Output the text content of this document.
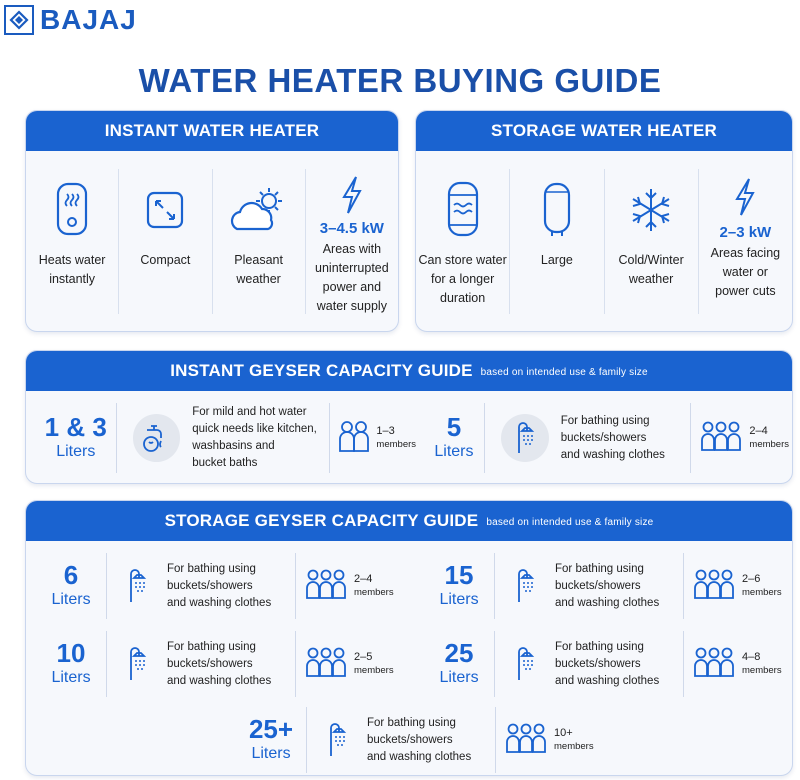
BAJAJ
WATER HEATER BUYING GUIDE
INSTANT WATER HEATER
Heats water
instantly
Compact	Pleasant
weather
3–4.5 kW
Areas with
uninterrupted
power and
water supply
STORAGE WATER HEATER
Can store water
for a longer
duration
Large	Cold/Winter
weather
2–3 kW
Areas facing
water or
power cuts
INSTANT GEYSER CAPACITY GUIDE based on intended use & family size
1 & 3
Liters
For mild and hot water
quick needs like kitchen,
washbasins and
bucket baths
1–3
members
5
Liters
For bathing using
buckets/showers
and washing clothes
2–4
members
STORAGE GEYSER CAPACITY GUIDE based on intended use & family size
6
Liters
For bathing using
buckets/showers
and washing clothes
2–4
members
15
Liters
For bathing using
buckets/showers
and washing clothes
2–6
members
10
Liters
For bathing using
buckets/showers
and washing clothes
2–5
members
25
Liters
For bathing using
buckets/showers
and washing clothes
4–8
members
25+
Liters
For bathing using
buckets/showers
and washing clothes
10+
members
